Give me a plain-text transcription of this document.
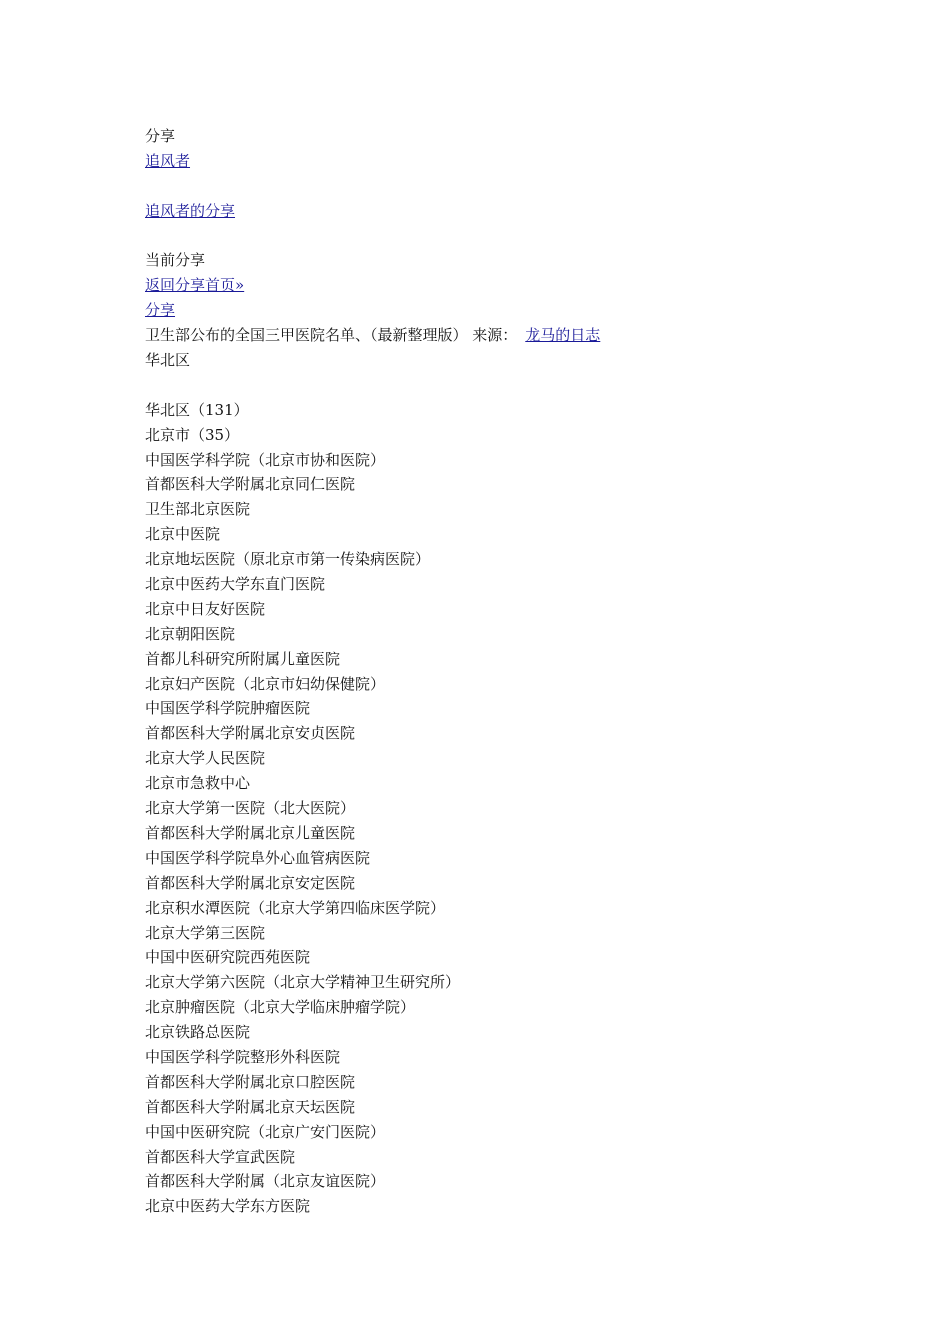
分享
追风者
追风者的分享
当前分享
返回分享首页»
分享
卫生部公布的全国三甲医院名单、（最新整理版） 来源： 龙马的日志
华北区
华北区（131）
北京市（35）
中国医学科学院（北京市协和医院）
首都医科大学附属北京同仁医院
卫生部北京医院
北京中医院
北京地坛医院（原北京市第一传染病医院）
北京中医药大学东直门医院
北京中日友好医院
北京朝阳医院
首都儿科研究所附属儿童医院
北京妇产医院（北京市妇幼保健院）
中国医学科学院肿瘤医院
首都医科大学附属北京安贞医院
北京大学人民医院
北京市急救中心
北京大学第一医院（北大医院）
首都医科大学附属北京儿童医院
中国医学科学院阜外心血管病医院
首都医科大学附属北京安定医院
北京积水潭医院（北京大学第四临床医学院）
北京大学第三医院
中国中医研究院西苑医院
北京大学第六医院（北京大学精神卫生研究所）
北京肿瘤医院（北京大学临床肿瘤学院）
北京铁路总医院
中国医学科学院整形外科医院
首都医科大学附属北京口腔医院
首都医科大学附属北京天坛医院
中国中医研究院（北京广安门医院）
首都医科大学宣武医院
首都医科大学附属（北京友谊医院）
北京中医药大学东方医院
